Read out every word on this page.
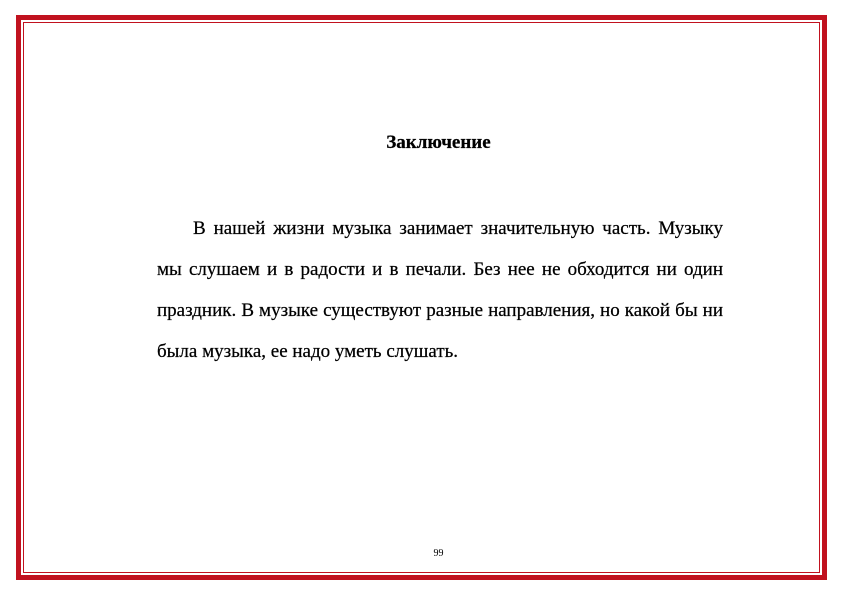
Заключение

В нашей жизни музыка занимает значительную часть. Музыку мы слушаем и в радости и в печали. Без нее не обходится ни один праздник. В музыке существуют разные направления, но какой бы ни была музыка, ее надо уметь слушать.

99
